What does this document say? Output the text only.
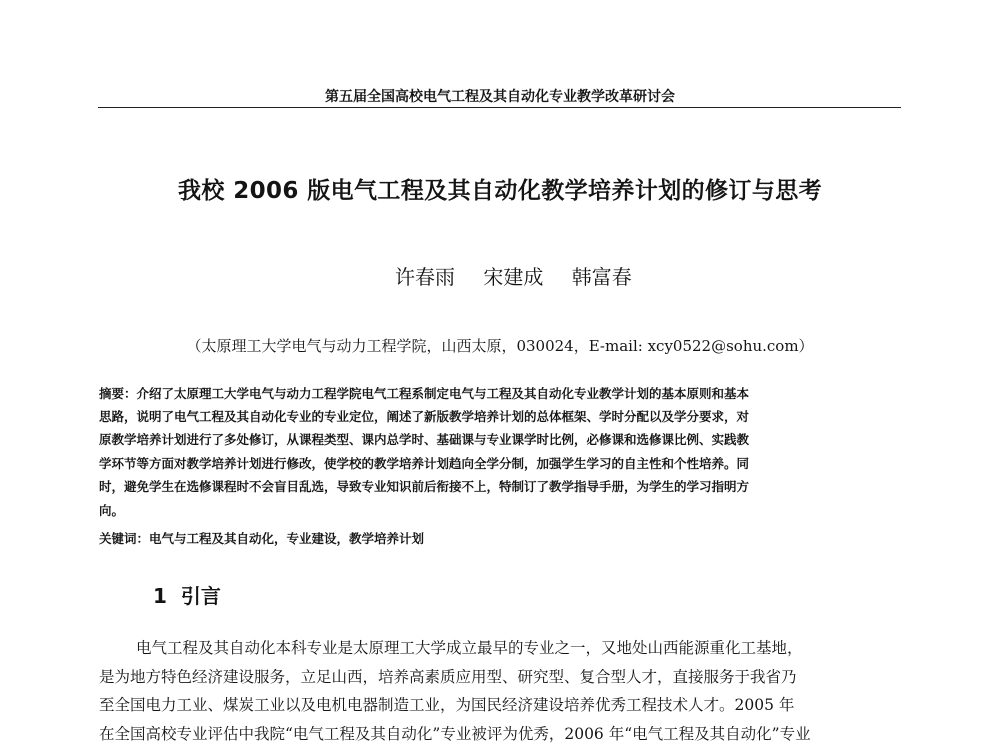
第五届全国高校电气工程及其自动化专业教学改革研讨会
我校 2006 版电气工程及其自动化教学培养计划的修订与思考
许春雨 宋建成 韩富春
（太原理工大学电气与动力工程学院，山西太原，030024，E-mail: xcy0522@sohu.com）
摘要：介绍了太原理工大学电气与动力工程学院电气工程系制定电气与工程及其自动化专业教学计划的基本原则和基本
思路，说明了电气工程及其自动化专业的专业定位，阐述了新版教学培养计划的总体框架、学时分配以及学分要求，对
原教学培养计划进行了多处修订，从课程类型、课内总学时、基础课与专业课学时比例，必修课和选修课比例、实践教
学环节等方面对教学培养计划进行修改，使学校的教学培养计划趋向全学分制，加强学生学习的自主性和个性培养。同
时，避免学生在选修课程时不会盲目乱选，导致专业知识前后衔接不上，特制订了教学指导手册，为学生的学习指明方
向。
关键词：电气与工程及其自动化，专业建设，教学培养计划
1 引言
电气工程及其自动化本科专业是太原理工大学成立最早的专业之一，又地处山西能源重化工基地，
是为地方特色经济建设服务，立足山西，培养高素质应用型、研究型、复合型人才，直接服务于我省乃
至全国电力工业、煤炭工业以及电机电器制造工业，为国民经济建设培养优秀工程技术人才。2005 年
在全国高校专业评估中我院“电气工程及其自动化”专业被评为优秀，2006 年“电气工程及其自动化”专业
